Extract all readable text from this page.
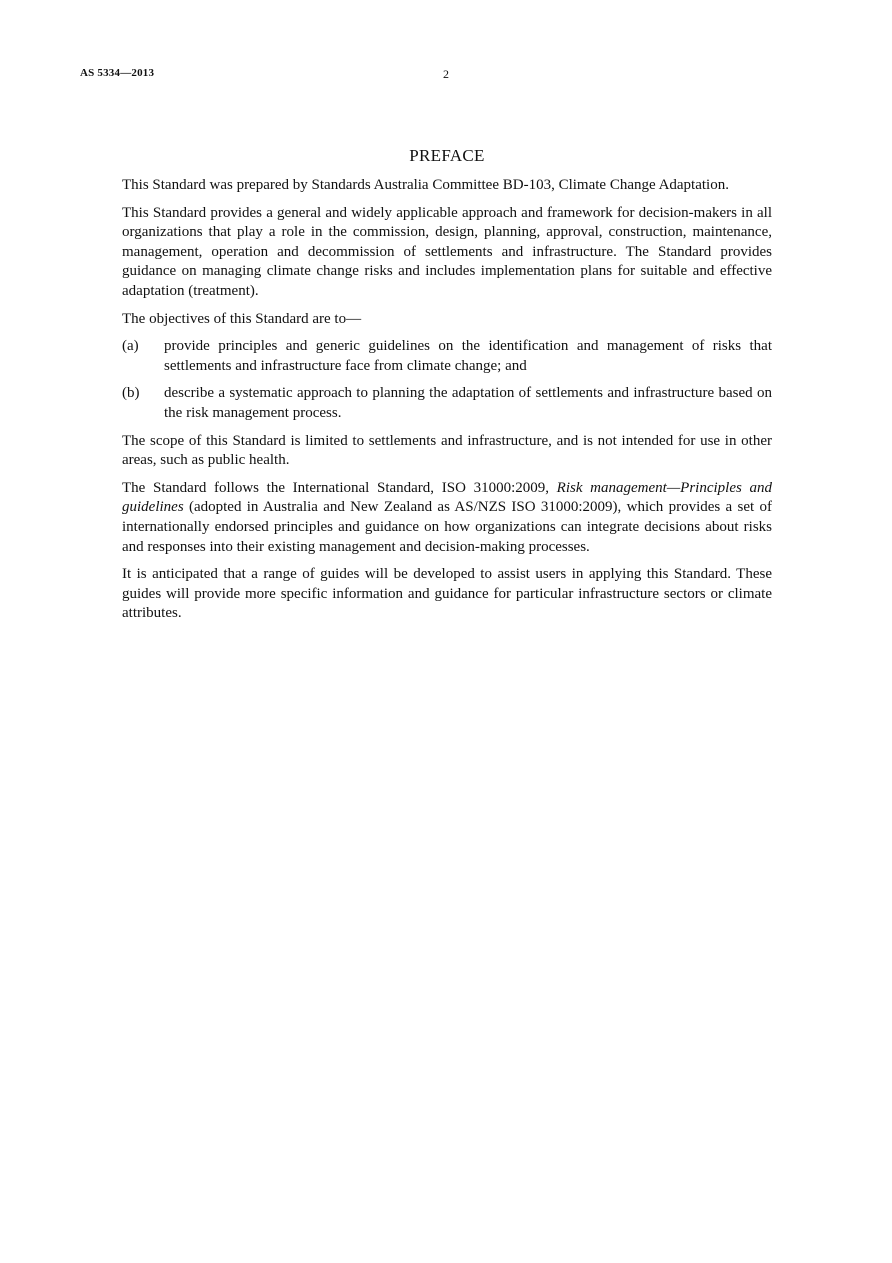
AS 5334—2013	2
PREFACE

This Standard was prepared by Standards Australia Committee BD-103, Climate Change Adaptation.

This Standard provides a general and widely applicable approach and framework for decision-makers in all organizations that play a role in the commission, design, planning, approval, construction, maintenance, management, operation and decommission of settlements and infrastructure. The Standard provides guidance on managing climate change risks and includes implementation plans for suitable and effective adaptation (treatment).

The objectives of this Standard are to—

(a)	provide principles and generic guidelines on the identification and management of risks that settlements and infrastructure face from climate change; and
(b)	describe a systematic approach to planning the adaptation of settlements and infrastructure based on the risk management process.

The scope of this Standard is limited to settlements and infrastructure, and is not intended for use in other areas, such as public health.

The Standard follows the International Standard, ISO 31000:2009, Risk management—Principles and guidelines (adopted in Australia and New Zealand as AS/NZS ISO 31000:2009), which provides a set of internationally endorsed principles and guidance on how organizations can integrate decisions about risks and responses into their existing management and decision-making processes.

It is anticipated that a range of guides will be developed to assist users in applying this Standard. These guides will provide more specific information and guidance for particular infrastructure sectors or climate attributes.
